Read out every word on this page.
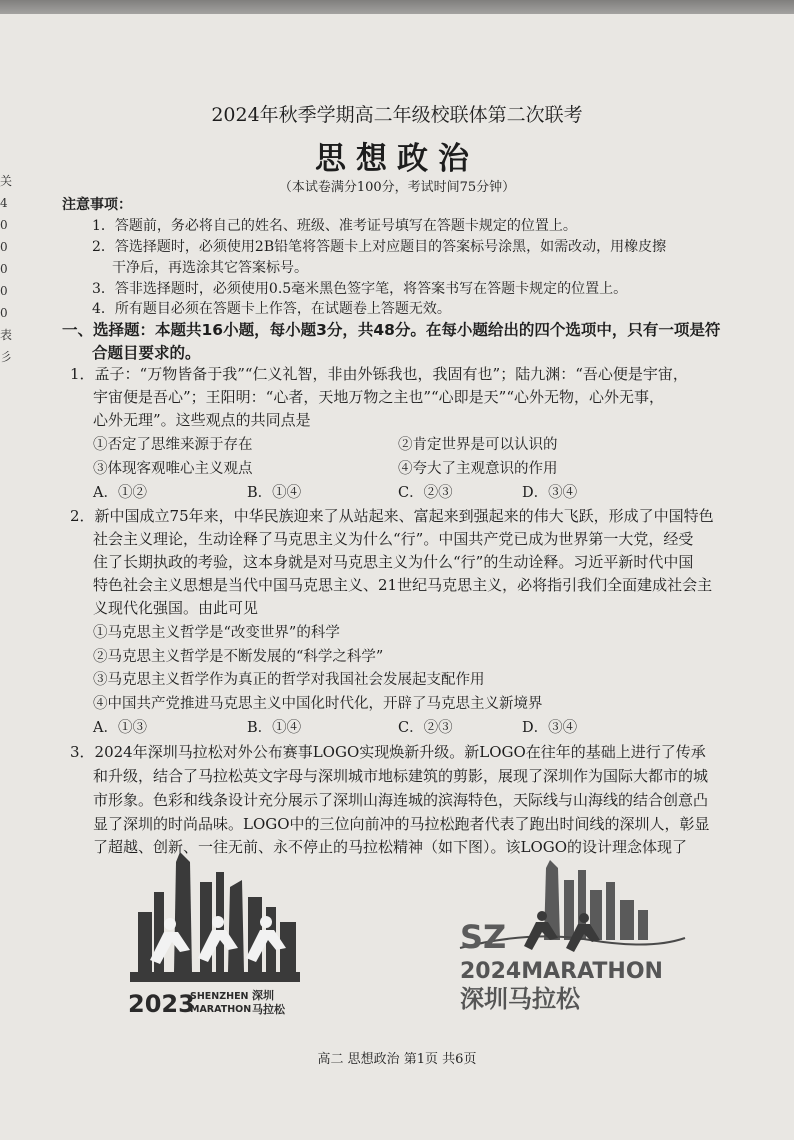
关
4
0
0
0
0
0
表
彡
2024年秋季学期高二年级校联体第二次联考
思想政治
（本试卷满分100分，考试时间75分钟）
注意事项：
1．答题前，务必将自己的姓名、班级、准考证号填写在答题卡规定的位置上。
2．答选择题时，必须使用2B铅笔将答题卡上对应题目的答案标号涂黑，如需改动，用橡皮擦
干净后，再选涂其它答案标号。
3．答非选择题时，必须使用0.5毫米黑色签字笔，将答案书写在答题卡规定的位置上。
4．所有题目必须在答题卡上作答，在试题卷上答题无效。
一、选择题：本题共16小题，每小题3分，共48分。在每小题给出的四个选项中，只有一项是符
合题目要求的。
1．孟子：“万物皆备于我”“仁义礼智，非由外铄我也，我固有也”；陆九渊：“吾心便是宇宙，
宇宙便是吾心”；王阳明：“心者，天地万物之主也”“心即是天”“心外无物，心外无事，
心外无理”。这些观点的共同点是
①否定了思维来源于存在	②肯定世界是可以认识的
③体现客观唯心主义观点	④夸大了主观意识的作用
A．①②	B．①④	C．②③	D．③④
2．新中国成立75年来，中华民族迎来了从站起来、富起来到强起来的伟大飞跃，形成了中国特色
社会主义理论，生动诠释了马克思主义为什么“行”。中国共产党已成为世界第一大党，经受
住了长期执政的考验，这本身就是对马克思主义为什么“行”的生动诠释。习近平新时代中国
特色社会主义思想是当代中国马克思主义、21世纪马克思主义，必将指引我们全面建成社会主
义现代化强国。由此可见
①马克思主义哲学是“改变世界”的科学
②马克思主义哲学是不断发展的“科学之科学”
③马克思主义哲学作为真正的哲学对我国社会发展起支配作用
④中国共产党推进马克思主义中国化时代化，开辟了马克思主义新境界
A．①③	B．①④	C．②③	D．③④
3．2024年深圳马拉松对外公布赛事LOGO实现焕新升级。新LOGO在往年的基础上进行了传承
和升级，结合了马拉松英文字母与深圳城市地标建筑的剪影，展现了深圳作为国际大都市的城
市形象。色彩和线条设计充分展示了深圳山海连城的滨海特色，天际线与山海线的结合创意凸
显了深圳的时尚品味。LOGO中的三位向前冲的马拉松跑者代表了跑出时间线的深圳人，彰显
了超越、创新、一往无前、永不停止的马拉松精神（如下图）。该LOGO的设计理念体现了
2023
SHENZHEN
MARATHON
深圳
马拉松
SZ
2024MARATHON
深圳马拉松
高二 思想政治 第1页 共6页
